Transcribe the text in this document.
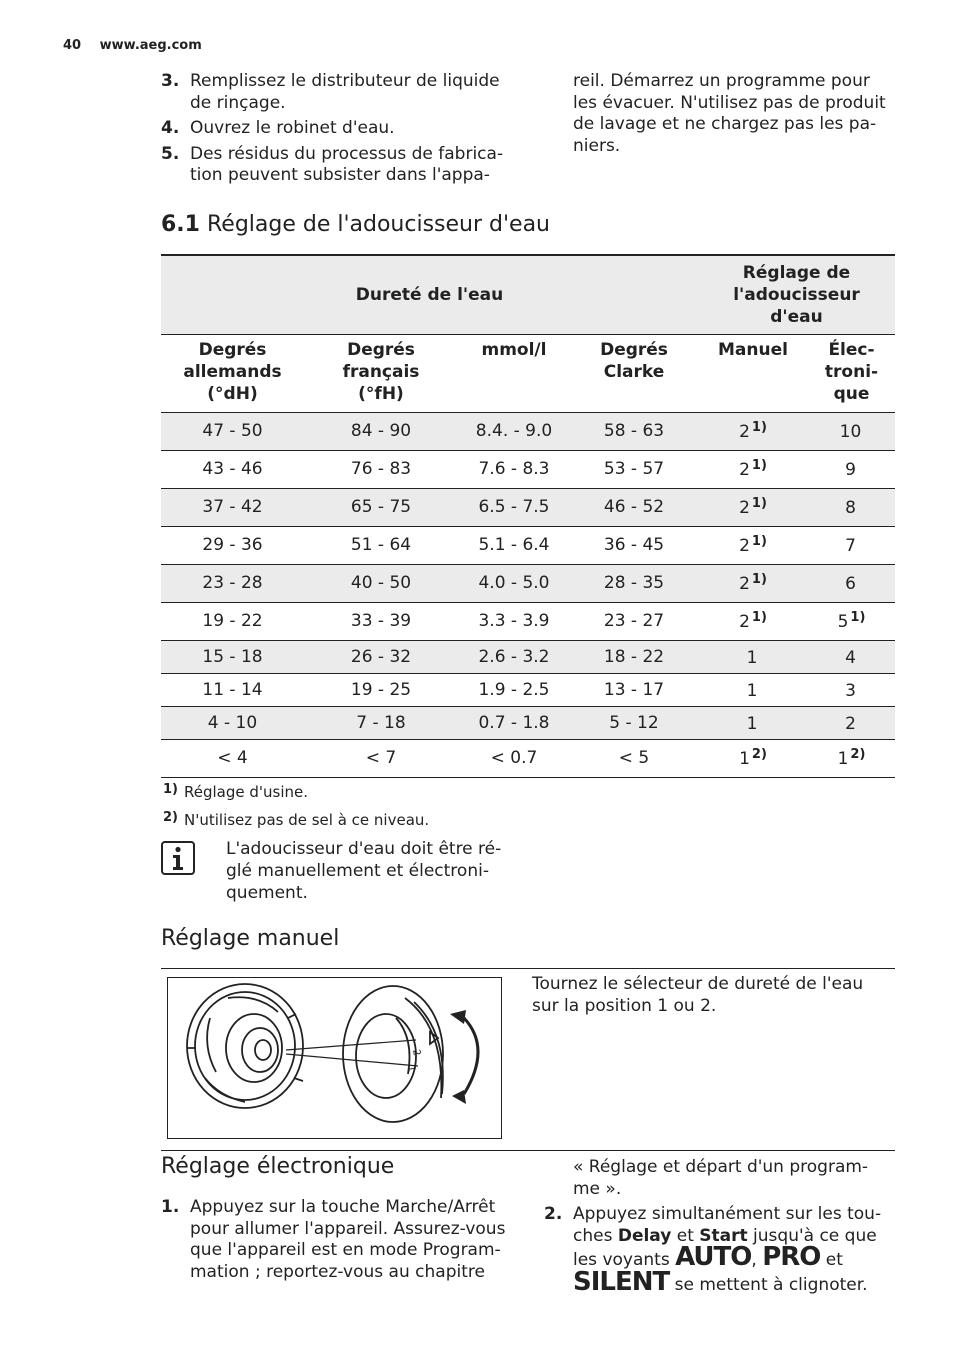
40 www.aeg.com
3. Remplissez le distributeur de liquide de rinçage.
4. Ouvrez le robinet d'eau.
5. Des résidus du processus de fabrica-tion peuvent subsister dans l'appa-
reil. Démarrez un programme pour les évacuer. N'utilisez pas de produit de lavage et ne chargez pas les pa-niers.
6.1 Réglage de l'adoucisseur d'eau
Dureté de l'eau				Réglage de l'adoucisseur d'eau	
Degrés allemands (°dH)	Degrés français (°fH)	mmol/l	Degrés Clarke	Manuel	Élec-troni-que
47 - 50	84 - 90	8.4. - 9.0	58 - 63	2 $^{1)}$	10
43 - 46	76 - 83	7.6 - 8.3	53 - 57	2 $^{1)}$	9
37 - 42	65 - 75	6.5 - 7.5	46 - 52	2 $^{1)}$	8
29 - 36	51 - 64	5.1 - 6.4	36 - 45	2 $^{1)}$	7
23 - 28	40 - 50	4.0 - 5.0	28 - 35	2 $^{1)}$	6
19 - 22	33 - 39	3.3 - 3.9	23 - 27	2 $^{1)}$	5 $^{1)}$
15 - 18	26 - 32	2.6 - 3.2	18 - 22	1	4
11 - 14	19 - 25	1.9 - 2.5	13 - 17	1	3
4 - 10	7 - 18	0.7 - 1.8	5 - 12	1	2
< 4	< 7	< 0.7	< 5	1 $^{2)}$	1 $^{2)}$
1) Réglage d'usine.
2) N'utilisez pas de sel à ce niveau.
L'adoucisseur d'eau doit être ré-glé manuellement et électroni-quement.
Réglage manuel
2
1
Tournez le sélecteur de dureté de l'eau sur la position 1 ou 2.
Réglage électronique
1. Appuyez sur la touche Marche/Arrêt pour allumer l'appareil. Assurez-vous que l'appareil est en mode Program-mation ; reportez-vous au chapitre
« Réglage et départ d'un program-me ».
2. Appuyez simultanément sur les tou-ches Delay et Start jusqu'à ce que les voyants AUTO, PRO et SILENT se mettent à clignoter.
